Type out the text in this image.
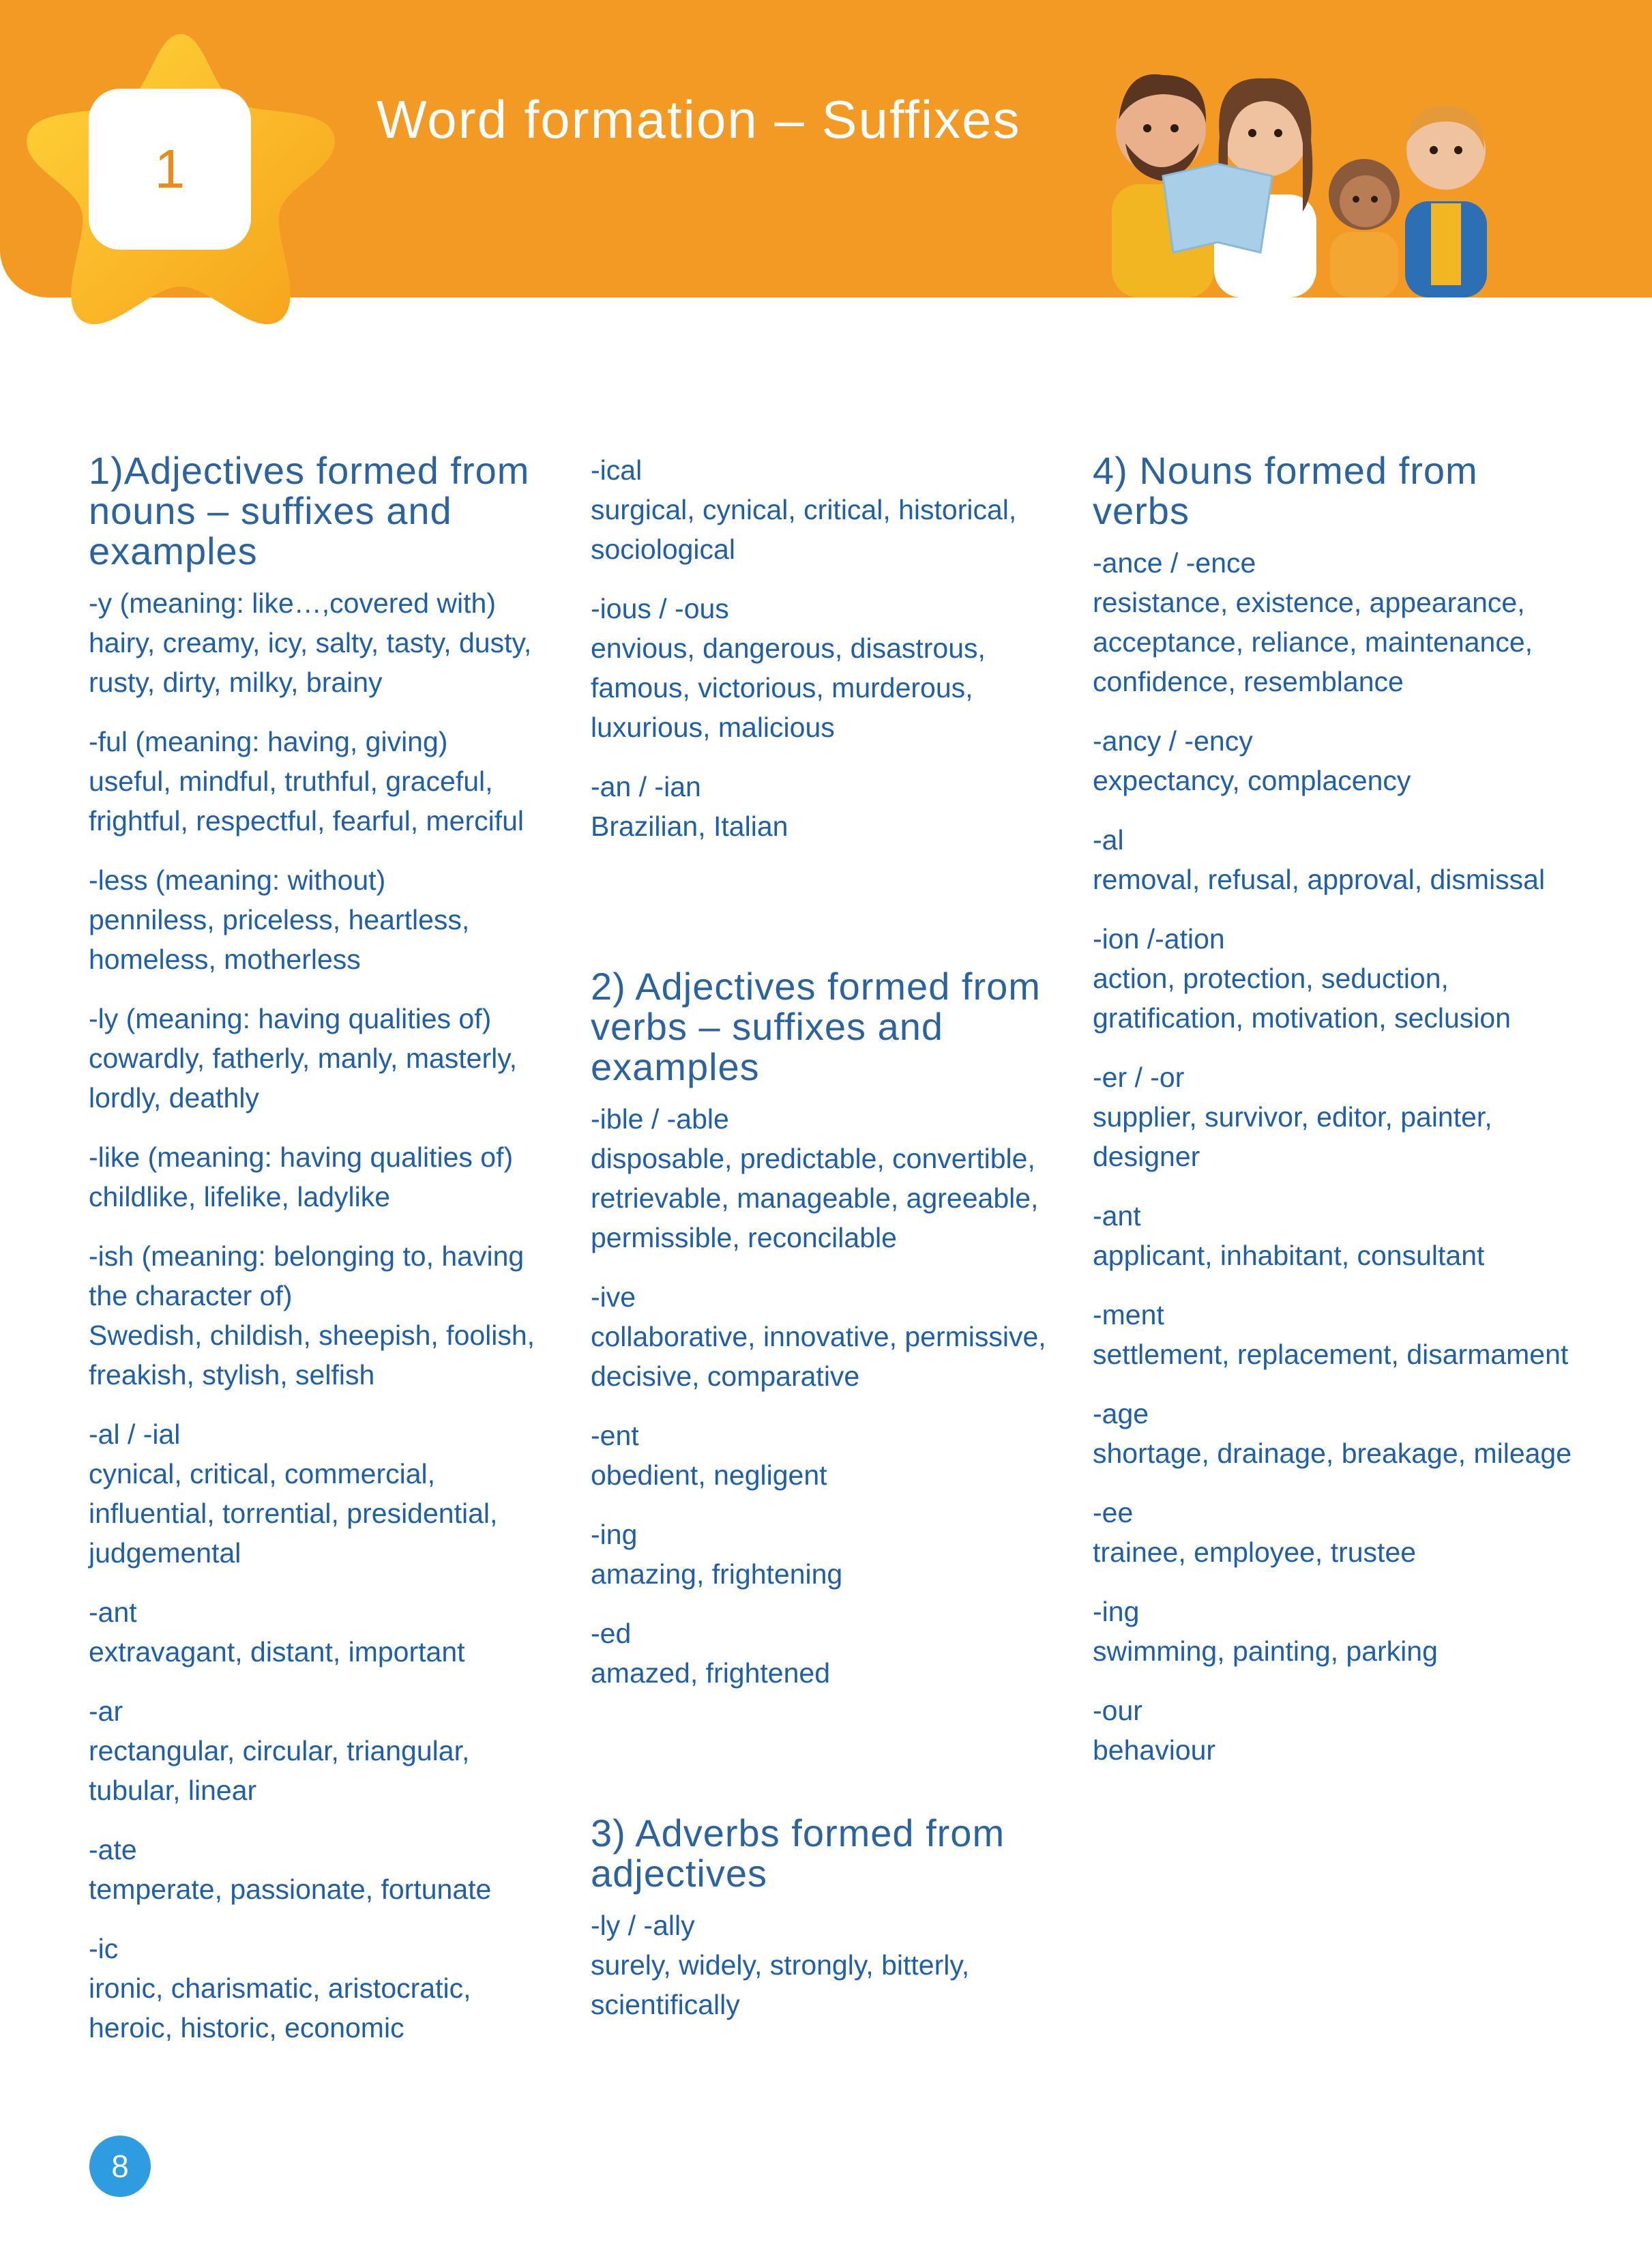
Word formation – Suffixes
1
1)Adjectives formed from nouns – suffixes and examples

-y (meaning: like…,covered with)

hairy, creamy, icy, salty, tasty, dusty, rusty, dirty, milky, brainy

-ful (meaning: having, giving)

useful, mindful, truthful, graceful, frightful, respectful, fearful, merciful

-less (meaning: without)

penniless, priceless, heartless, homeless, motherless

-ly (meaning: having qualities of)

cowardly, fatherly, manly, masterly, lordly, deathly

-like (meaning: having qualities of)

childlike, lifelike, ladylike

-ish (meaning: belonging to, having the character of)

Swedish, childish, sheepish, foolish, freakish, stylish, selfish

-al / -ial

cynical, critical, commercial, influential, torrential, presidential, judgemental

-ant

extravagant, distant, important

-ar

rectangular, circular, triangular, tubular, linear

-ate

temperate, passionate, fortunate

-ic

ironic, charismatic, aristocratic, heroic, historic, economic

-ical

surgical, cynical, critical, historical, sociological

-ious / -ous

envious, dangerous, disastrous, famous, victorious, murderous, luxurious, malicious

-an / -ian

Brazilian, Italian

2) Adjectives formed from verbs – suffixes and examples

-ible / -able

disposable, predictable, convertible, retrievable, manageable, agreeable, permissible, reconcilable

-ive

collaborative, innovative, permissive, decisive, comparative

-ent

obedient, negligent

-ing

amazing, frightening

-ed

amazed, frightened

3) Adverbs formed from adjectives

-ly / -ally

surely, widely, strongly, bitterly, scientifically

4) Nouns formed from verbs

-ance / -ence

resistance, existence, appearance, acceptance, reliance, maintenance, confidence, resemblance

-ancy / -ency

expectancy, complacency

-al

removal, refusal, approval, dismissal

-ion /-ation

action, protection, seduction, gratification, motivation, seclusion

-er / -or

supplier, survivor, editor, painter, designer

-ant

applicant, inhabitant, consultant

-ment

settlement, replacement, disarmament

-age

shortage, drainage, breakage, mileage

-ee

trainee, employee, trustee

-ing

swimming, painting, parking

-our

behaviour

8
